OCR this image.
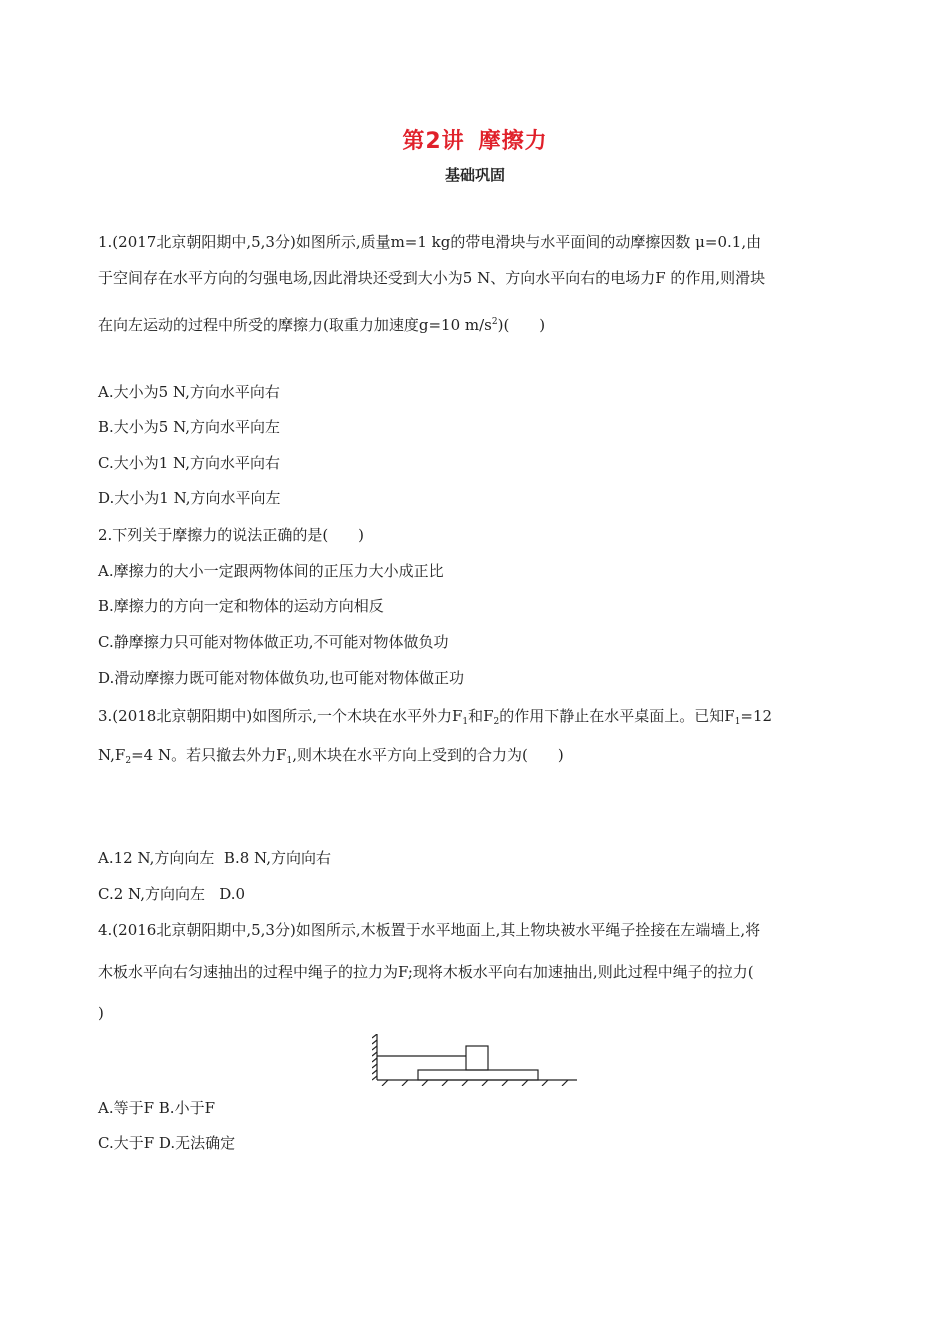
第2讲 摩擦力
基础巩固
1.(2017北京朝阳期中,5,3分)如图所示,质量m=1 kg的带电滑块与水平面间的动摩擦因数 μ=0.1,由
于空间存在水平方向的匀强电场,因此滑块还受到大小为5 N、方向水平向右的电场力F 的作用,则滑块
在向左运动的过程中所受的摩擦力(取重力加速度g=10 $m/s^2$)(　　)
A.大小为5 N,方向水平向右
B.大小为5 N,方向水平向左
C.大小为1 N,方向水平向右
D.大小为1 N,方向水平向左
2.下列关于摩擦力的说法正确的是(　　)
A.摩擦力的大小一定跟两物体间的正压力大小成正比
B.摩擦力的方向一定和物体的运动方向相反
C.静摩擦力只可能对物体做正功,不可能对物体做负功
D.滑动摩擦力既可能对物体做负功,也可能对物体做正功
3.(2018北京朝阳期中)如图所示,一个木块在水平外力$F_1$和$F_2$的作用下静止在水平桌面上。已知$F_1=12$
$N,F_2=4$ N。若只撤去外力$F_1$,则木块在水平方向上受到的合力为(　　)
A.12 N,方向向左  B.8 N,方向向右
C.2 N,方向向左   D.0
4.(2016北京朝阳期中,5,3分)如图所示,木板置于水平地面上,其上物块被水平绳子拴接在左端墙上,将
木板水平向右匀速抽出的过程中绳子的拉力为F;现将木板水平向右加速抽出,则此过程中绳子的拉力(
)
A.等于F B.小于F
C.大于F D.无法确定
